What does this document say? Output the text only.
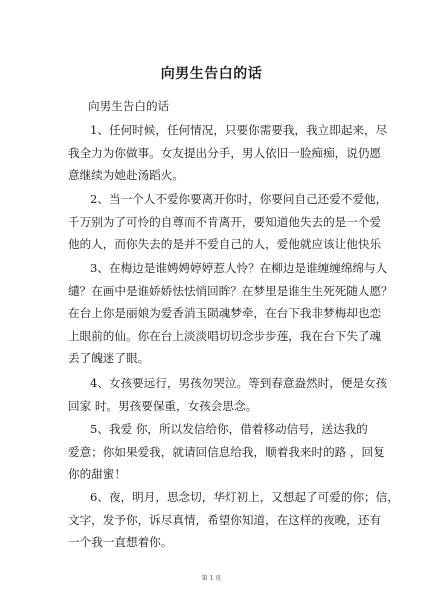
向男生告白的话
向男生告白的话
1、任何时候，任何情况，只要你需要我，我立即起来，尽
我全力为你做事。女友提出分手，男人依旧一脸痴痴，说仍愿
意继续为她赴汤蹈火。
2、当一个人不爱你要离开你时，你要问自己还爱不爱他，
千万别为了可怜的自尊而不肯离开，要知道他失去的是一个爱
他的人，而你失去的是并不爱自己的人，爱他就应该让他快乐
3、在梅边是谁娉娉婷婷惹人怜？在柳边是谁缠缠绵绵与人
缱？在画中是谁娇娇怯怯悄回眸？在梦里是谁生生死死随人愿？
在台上你是丽娘为爱香消玉陨魂梦牵，在台下我非梦梅却也恋
上眼前的仙。你在台上淡淡唱切切念步步莲，我在台下失了魂
丢了魄迷了眼。
4、女孩要远行，男孩勿哭泣。等到春意盎然时，便是女孩
回家 时。男孩要保重，女孩会思念。
5、我爱 你，所以发信给你，借着移动信号，送达我的
爱意；你如果爱我，就请回信息给我，顺着我来时的路 ，回复
你的甜蜜！
6、夜，明月，思念切，华灯初上，又想起了可爱的你；信，
文字，发予你，诉尽真情，希望你知道，在这样的夜晚，还有
一个我一直想着你。
第 1 页
